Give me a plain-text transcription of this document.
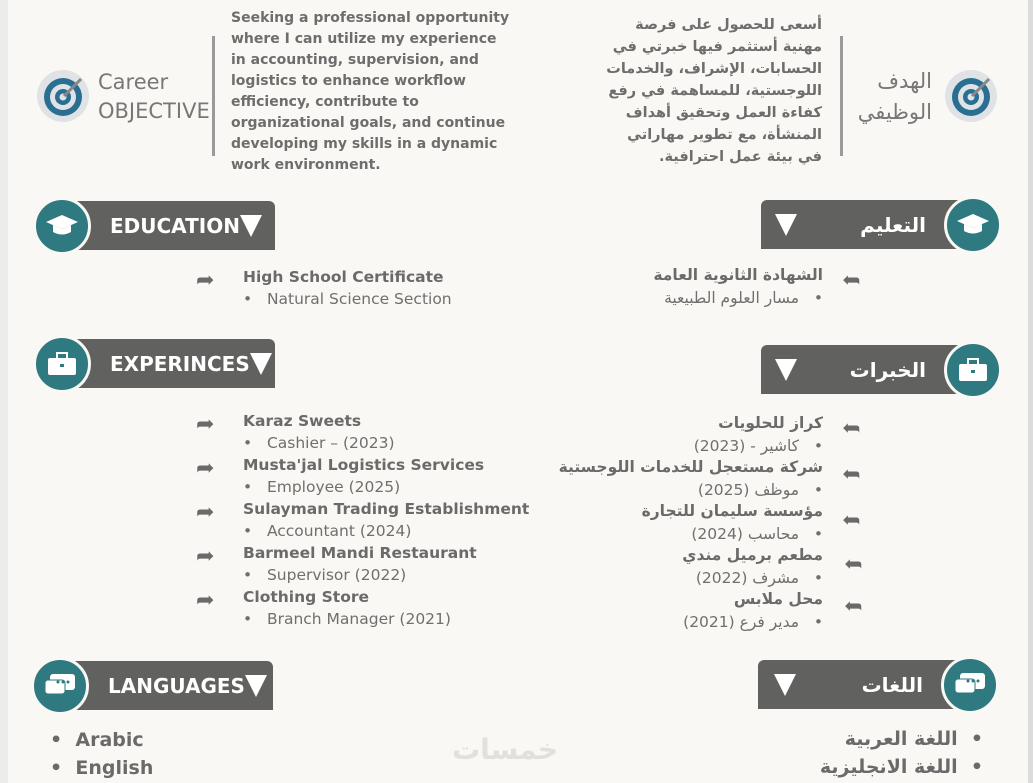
Career
OBJECTIVE
Seeking a professional opportunity where I can utilize my experience in accounting, supervision, and logistics to enhance workflow efficiency, contribute to organizational goals, and continue developing my skills in a dynamic work environment.
أسعى للحصول على فرصة مهنية أستثمر فيها خبرتي في الحسابات، الإشراف، والخدمات اللوجستية، للمساهمة في رفع كفاءة العمل وتحقيق أهداف المنشأة، مع تطوير مهاراتي في بيئة عمل احترافية.
الهدف
الوظيفي
EDUCATION
EXPERINCES
LANGUAGES
التعليم
الخبرات
اللغات
➦ High School Certificate
•   Natural Science Section
➦
الشهادة الثانوية العامة
•   مسار العلوم الطبيعية
➦ Karaz Sweets
•   Cashier – (2023)
➦ Musta'jal Logistics Services
•   Employee (2025)
➦ Sulayman Trading Establishment
•   Accountant (2024)
➦ Barmeel Mandi Restaurant
•   Supervisor (2022)
➦ Clothing Store
•   Branch Manager (2021)
➦
كراز للحلويات
•   كاشير - (2023)
➦
شركة مستعجل للخدمات اللوجستية
•   موظف (2025)
➦
مؤسسة سليمان للتجارة
•   محاسب (2024)
➦
مطعم برميل مندي
•   مشرف (2022)
➦
محل ملابس
•   مدير فرع (2021)
•  Arabic
•  English
•  اللغة العربية
•  اللغة الانجليزية
خمسات
